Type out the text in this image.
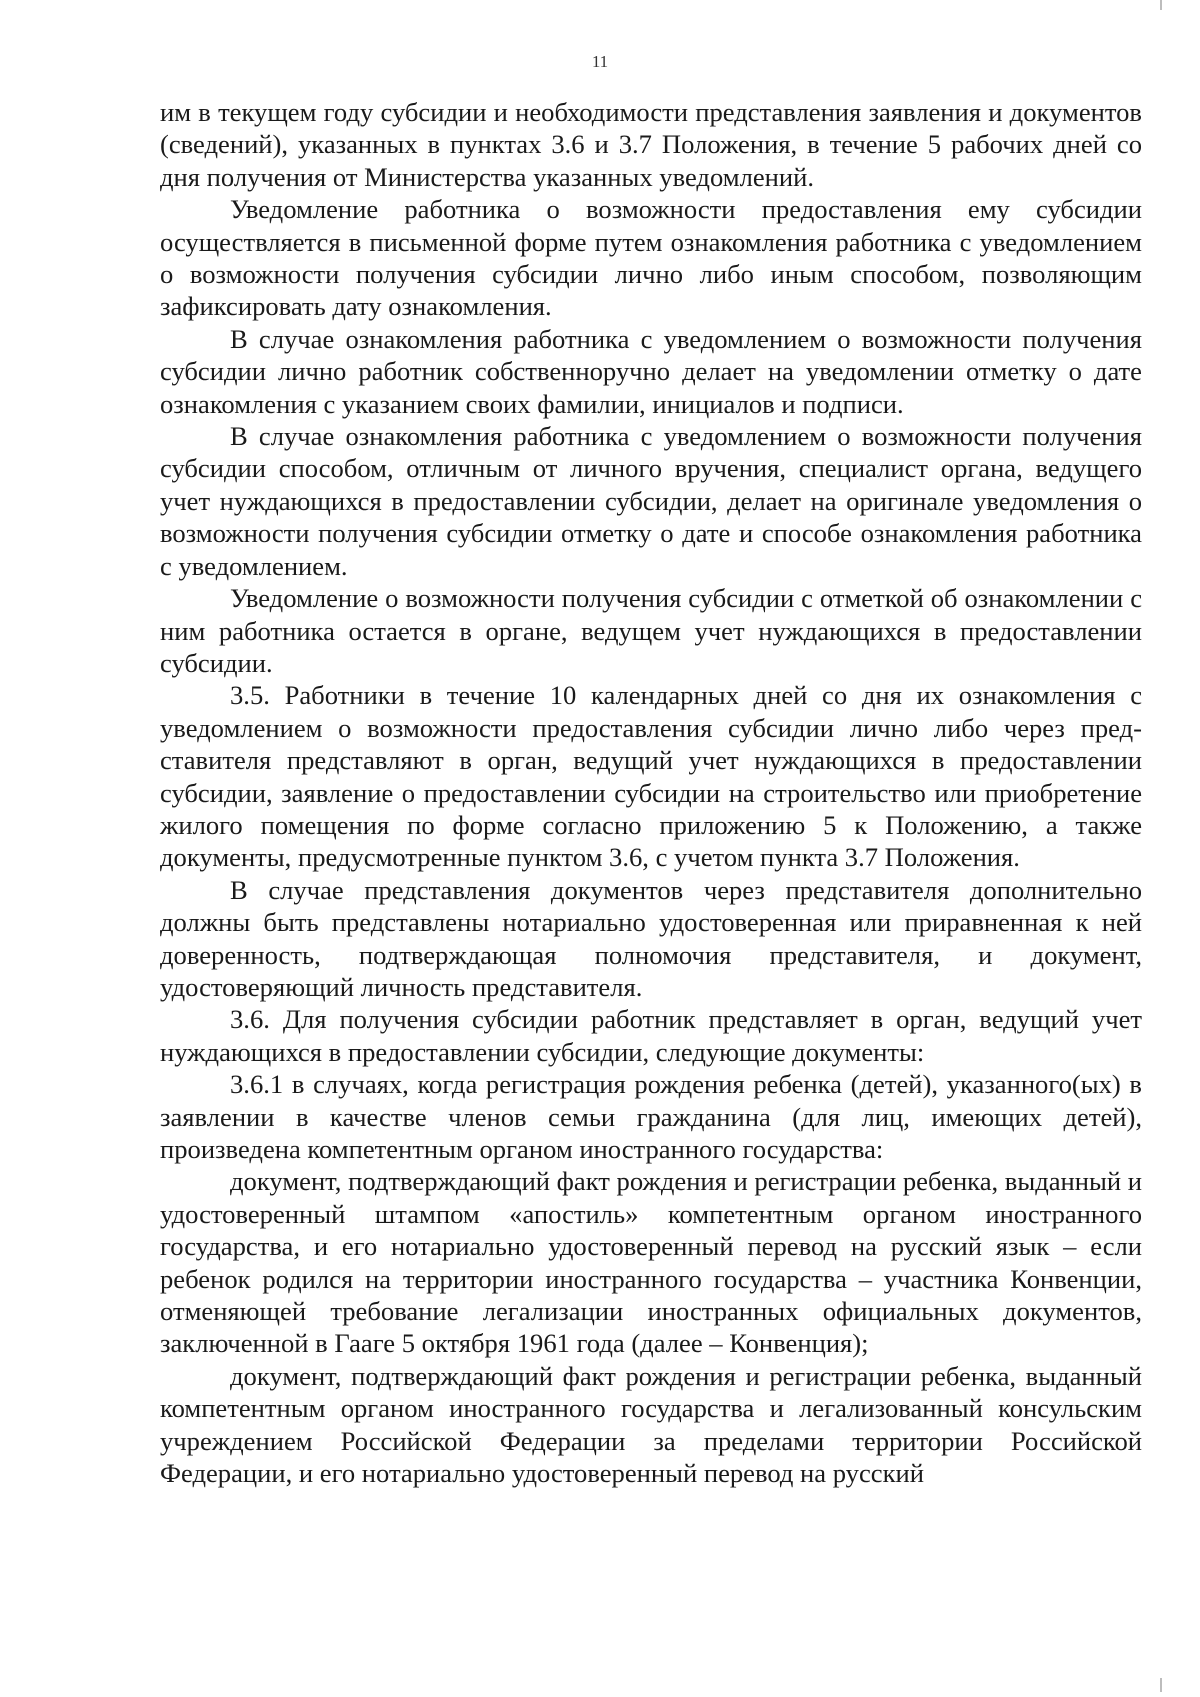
11

им в текущем году субсидии и необходимости представления заявления и документов (сведений), указанных в пунктах 3.6 и 3.7 Положения, в течение 5 рабочих дней со дня получения от Министерства указанных уведомлений.

Уведомление работника о возможности предоставления ему субсидии осуществляется в письменной форме путем ознакомления работника с уведомлением о возможности получения субсидии лично либо иным способом, позволяющим зафиксировать дату ознакомления.

В случае ознакомления работника с уведомлением о возможности получения субсидии лично работник собственноручно делает на уведомлении отметку о дате ознакомления с указанием своих фамилии, инициалов и подписи.

В случае ознакомления работника с уведомлением о возможности получения субсидии способом, отличным от личного вручения, специалист органа, ведущего учет нуждающихся в предоставлении субсидии, делает на оригинале уведомления о возможности получения субсидии отметку о дате и способе ознакомления работника с уведомлением.

Уведомление о возможности получения субсидии с отметкой об ознакомлении с ним работника остается в органе, ведущем учет нуждающихся в предоставлении субсидии.

3.5. Работники в течение 10 календарных дней со дня их ознакомления с уведомлением о возможности предоставления субсидии лично либо через представителя представляют в орган, ведущий учет нуждающихся в предоставлении субсидии, заявление о предоставлении субсидии на строительство или приобретение жилого помещения по форме согласно приложению 5 к Положению, а также документы, предусмотренные пунктом 3.6, с учетом пункта 3.7 Положения.

В случае представления документов через представителя дополнительно должны быть представлены нотариально удостоверенная или приравненная к ней доверенность, подтверждающая полномочия представителя, и документ, удостоверяющий личность представителя.

3.6. Для получения субсидии работник представляет в орган, ведущий учет нуждающихся в предоставлении субсидии, следующие документы:

3.6.1 в случаях, когда регистрация рождения ребенка (детей), указанного(ых) в заявлении в качестве членов семьи гражданина (для лиц, имеющих детей), произведена компетентным органом иностранного государства:

документ, подтверждающий факт рождения и регистрации ребенка, выданный и удостоверенный штампом «апостиль» компетентным органом иностранного государства, и его нотариально удостоверенный перевод на русский язык – если ребенок родился на территории иностранного государства – участника Конвенции, отменяющей требование легализации иностранных официальных документов, заключенной в Гааге 5 октября 1961 года (далее – Конвенция);

документ, подтверждающий факт рождения и регистрации ребенка, выданный компетентным органом иностранного государства и легализованный консульским учреждением Российской Федерации за пределами территории Российской Федерации, и его нотариально удостоверенный перевод на русский
